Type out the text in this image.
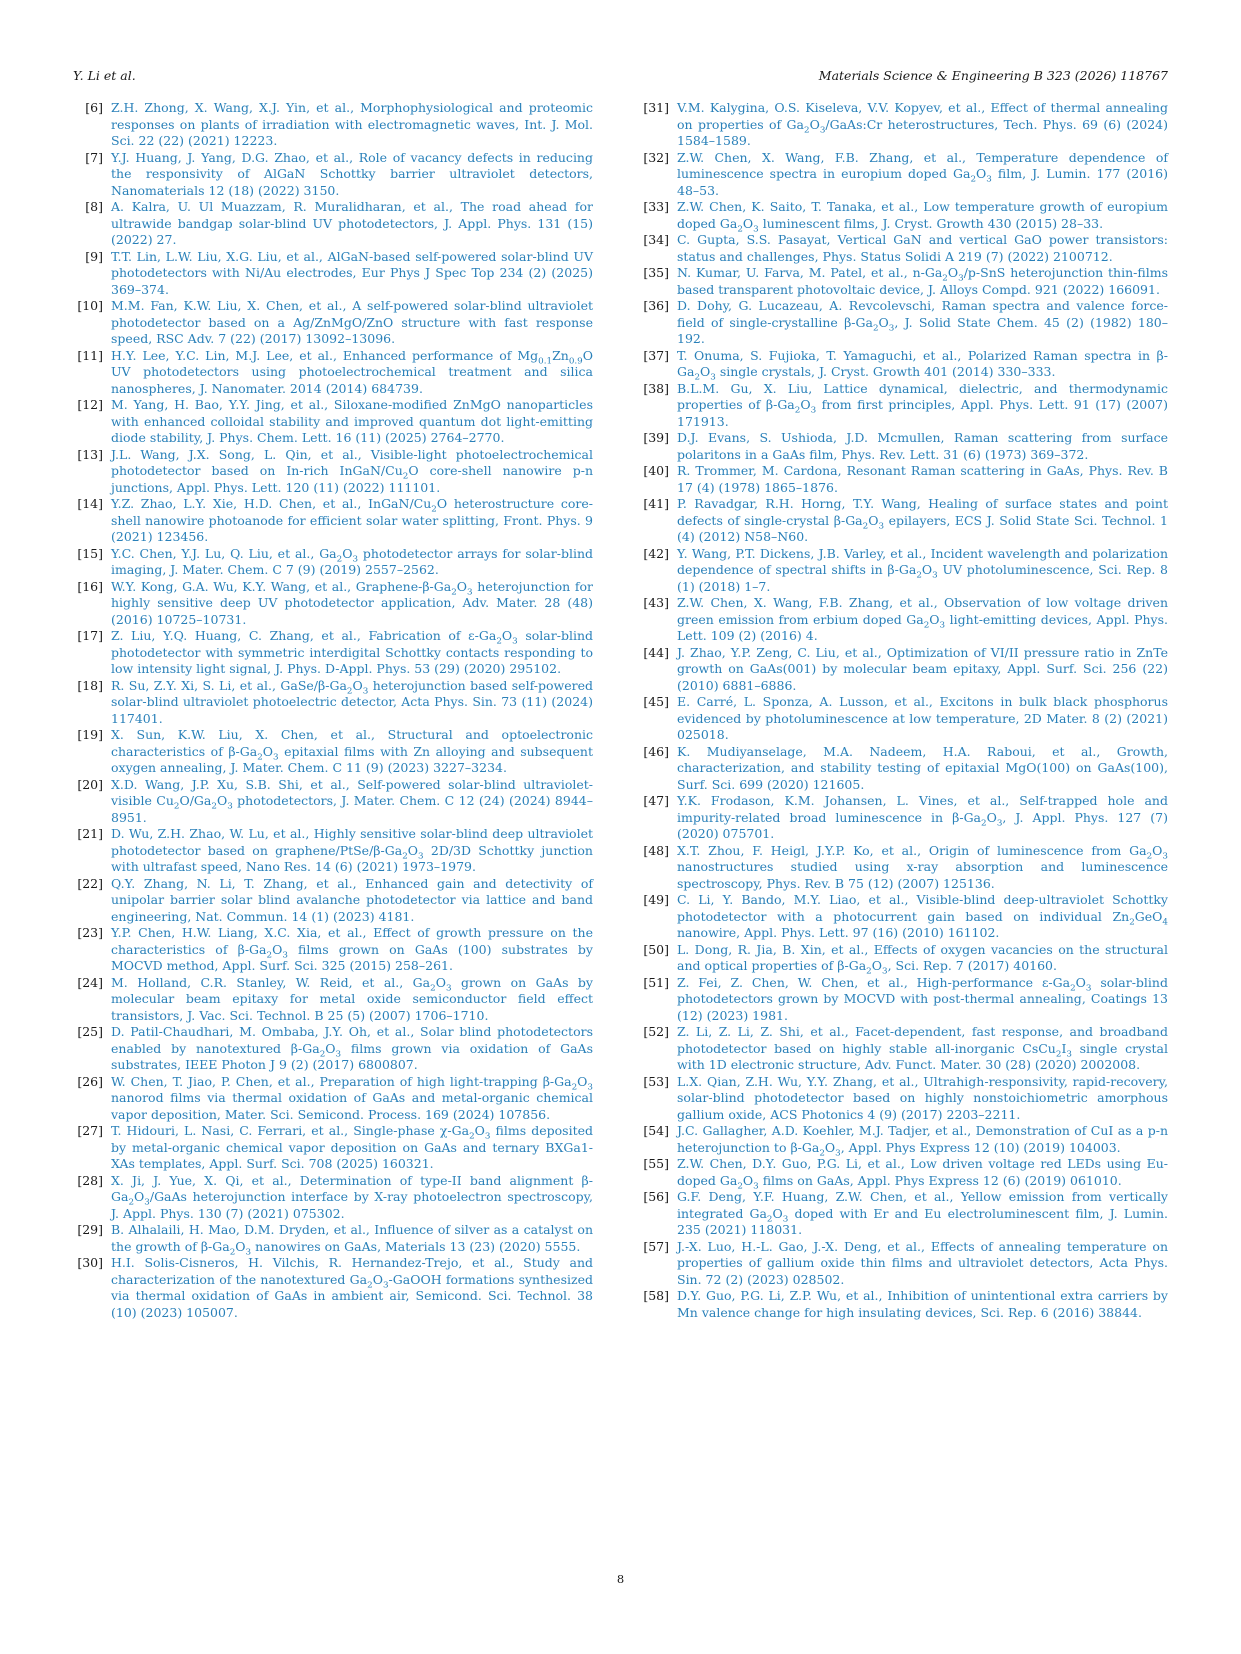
Y. Li et al.	Materials Science & Engineering B 323 (2026) 118767
[6] Z.H. Zhong, X. Wang, X.J. Yin, et al., Morphophysiological and proteomic responses on plants of irradiation with electromagnetic waves, Int. J. Mol. Sci. 22 (22) (2021) 12223.
[7] Y.J. Huang, J. Yang, D.G. Zhao, et al., Role of vacancy defects in reducing the responsivity of AlGaN Schottky barrier ultraviolet detectors, Nanomaterials 12 (18) (2022) 3150.
[8] A. Kalra, U. Ul Muazzam, R. Muralidharan, et al., The road ahead for ultrawide bandgap solar-blind UV photodetectors, J. Appl. Phys. 131 (15) (2022) 27.
[9] T.T. Lin, L.W. Liu, X.G. Liu, et al., AlGaN-based self-powered solar-blind UV photodetectors with Ni/Au electrodes, Eur Phys J Spec Top 234 (2) (2025) 369–374.
[10] M.M. Fan, K.W. Liu, X. Chen, et al., A self-powered solar-blind ultraviolet photodetector based on a Ag/ZnMgO/ZnO structure with fast response speed, RSC Adv. 7 (22) (2017) 13092–13096.
[11] H.Y. Lee, Y.C. Lin, M.J. Lee, et al., Enhanced performance of $Mg_{0.1}Zn_{0.9}O$ UV photodetectors using photoelectrochemical treatment and silica nanospheres, J. Nanomater. 2014 (2014) 684739.
[12] M. Yang, H. Bao, Y.Y. Jing, et al., Siloxane-modified ZnMgO nanoparticles with enhanced colloidal stability and improved quantum dot light-emitting diode stability, J. Phys. Chem. Lett. 16 (11) (2025) 2764–2770.
[13] J.L. Wang, J.X. Song, L. Qin, et al., Visible-light photoelectrochemical photodetector based on In-rich InGaN/$Cu_2O$ core-shell nanowire p-n junctions, Appl. Phys. Lett. 120 (11) (2022) 111101.
[14] Y.Z. Zhao, L.Y. Xie, H.D. Chen, et al., InGaN/$Cu_2O$ heterostructure core-shell nanowire photoanode for efficient solar water splitting, Front. Phys. 9 (2021) 123456.
[15] Y.C. Chen, Y.J. Lu, Q. Liu, et al., $Ga_2O_3$ photodetector arrays for solar-blind imaging, J. Mater. Chem. C 7 (9) (2019) 2557–2562.
[16] W.Y. Kong, G.A. Wu, K.Y. Wang, et al., Graphene-$\beta-Ga_2O_3$ heterojunction for highly sensitive deep UV photodetector application, Adv. Mater. 28 (48) (2016) 10725–10731.
[17] Z. Liu, Y.Q. Huang, C. Zhang, et al., Fabrication of $\varepsilon-Ga_2O_3$ solar-blind photodetector with symmetric interdigital Schottky contacts responding to low intensity light signal, J. Phys. D-Appl. Phys. 53 (29) (2020) 295102.
[18] R. Su, Z.Y. Xi, S. Li, et al., GaSe/$\beta-Ga_2O_3$ heterojunction based self-powered solar-blind ultraviolet photoelectric detector, Acta Phys. Sin. 73 (11) (2024) 117401.
[19] X. Sun, K.W. Liu, X. Chen, et al., Structural and optoelectronic characteristics of $\beta-Ga_2O_3$ epitaxial films with Zn alloying and subsequent oxygen annealing, J. Mater. Chem. C 11 (9) (2023) 3227–3234.
[20] X.D. Wang, J.P. Xu, S.B. Shi, et al., Self-powered solar-blind ultraviolet-visible $Cu_2O/Ga_2O_3$ photodetectors, J. Mater. Chem. C 12 (24) (2024) 8944–8951.
[21] D. Wu, Z.H. Zhao, W. Lu, et al., Highly sensitive solar-blind deep ultraviolet photodetector based on graphene/$PtSe/\beta-Ga_2O_3$ 2D/3D Schottky junction with ultrafast speed, Nano Res. 14 (6) (2021) 1973–1979.
[22] Q.Y. Zhang, N. Li, T. Zhang, et al., Enhanced gain and detectivity of unipolar barrier solar blind avalanche photodetector via lattice and band engineering, Nat. Commun. 14 (1) (2023) 4181.
[23] Y.P. Chen, H.W. Liang, X.C. Xia, et al., Effect of growth pressure on the characteristics of $\beta-Ga_2O_3$ films grown on GaAs (100) substrates by MOCVD method, Appl. Surf. Sci. 325 (2015) 258–261.
[24] M. Holland, C.R. Stanley, W. Reid, et al., $Ga_2O_3$ grown on GaAs by molecular beam epitaxy for metal oxide semiconductor field effect transistors, J. Vac. Sci. Technol. B 25 (5) (2007) 1706–1710.
[25] D. Patil-Chaudhari, M. Ombaba, J.Y. Oh, et al., Solar blind photodetectors enabled by nanotextured $\beta-Ga_2O_3$ films grown via oxidation of GaAs substrates, IEEE Photon J 9 (2) (2017) 6800807.
[26] W. Chen, T. Jiao, P. Chen, et al., Preparation of high light-trapping $\beta-Ga_2O_3$ nanorod films via thermal oxidation of GaAs and metal-organic chemical vapor deposition, Mater. Sci. Semicond. Process. 169 (2024) 107856.
[27] T. Hidouri, L. Nasi, C. Ferrari, et al., Single-phase $\chi-Ga_2O_3$ films deposited by metal-organic chemical vapor deposition on GaAs and ternary BXGa1-XAs templates, Appl. Surf. Sci. 708 (2025) 160321.
[28] X. Ji, J. Yue, X. Qi, et al., Determination of type-II band alignment $\beta-Ga_2O_3$/GaAs heterojunction interface by X-ray photoelectron spectroscopy, J. Appl. Phys. 130 (7) (2021) 075302.
[29] B. Alhalaili, H. Mao, D.M. Dryden, et al., Influence of silver as a catalyst on the growth of $\beta-Ga_2O_3$ nanowires on GaAs, Materials 13 (23) (2020) 5555.
[30] H.I. Solis-Cisneros, H. Vilchis, R. Hernandez-Trejo, et al., Study and characterization of the nanotextured $Ga_2O_3$-GaOOH formations synthesized via thermal oxidation of GaAs in ambient air, Semicond. Sci. Technol. 38 (10) (2023) 105007.
[31] V.M. Kalygina, O.S. Kiseleva, V.V. Kopyev, et al., Effect of thermal annealing on properties of $Ga_2O_3/GaAs:Cr$ heterostructures, Tech. Phys. 69 (6) (2024) 1584–1589.
[32] Z.W. Chen, X. Wang, F.B. Zhang, et al., Temperature dependence of luminescence spectra in europium doped $Ga_2O_3$ film, J. Lumin. 177 (2016) 48–53.
[33] Z.W. Chen, K. Saito, T. Tanaka, et al., Low temperature growth of europium doped $Ga_2O_3$ luminescent films, J. Cryst. Growth 430 (2015) 28–33.
[34] C. Gupta, S.S. Pasayat, Vertical GaN and vertical GaO power transistors: status and challenges, Phys. Status Solidi A 219 (7) (2022) 2100712.
[35] N. Kumar, U. Farva, M. Patel, et al., $n-Ga_2O_3/p$-SnS heterojunction thin-films based transparent photovoltaic device, J. Alloys Compd. 921 (2022) 166091.
[36] D. Dohy, G. Lucazeau, A. Revcolevschi, Raman spectra and valence force-field of single-crystalline $\beta-Ga_2O_3$, J. Solid State Chem. 45 (2) (1982) 180–192.
[37] T. Onuma, S. Fujioka, T. Yamaguchi, et al., Polarized Raman spectra in $\beta-Ga_2O_3$ single crystals, J. Cryst. Growth 401 (2014) 330–333.
[38] B.L.M. Gu, X. Liu, Lattice dynamical, dielectric, and thermodynamic properties of $\beta-Ga_2O_3$ from first principles, Appl. Phys. Lett. 91 (17) (2007) 171913.
[39] D.J. Evans, S. Ushioda, J.D. Mcmullen, Raman scattering from surface polaritons in a GaAs film, Phys. Rev. Lett. 31 (6) (1973) 369–372.
[40] R. Trommer, M. Cardona, Resonant Raman scattering in GaAs, Phys. Rev. B 17 (4) (1978) 1865–1876.
[41] P. Ravadgar, R.H. Horng, T.Y. Wang, Healing of surface states and point defects of single-crystal $\beta-Ga_2O_3$ epilayers, ECS J. Solid State Sci. Technol. 1 (4) (2012) N58–N60.
[42] Y. Wang, P.T. Dickens, J.B. Varley, et al., Incident wavelength and polarization dependence of spectral shifts in $\beta-Ga_2O_3$ UV photoluminescence, Sci. Rep. 8 (1) (2018) 1–7.
[43] Z.W. Chen, X. Wang, F.B. Zhang, et al., Observation of low voltage driven green emission from erbium doped $Ga_2O_3$ light-emitting devices, Appl. Phys. Lett. 109 (2) (2016) 4.
[44] J. Zhao, Y.P. Zeng, C. Liu, et al., Optimization of VI/II pressure ratio in ZnTe growth on GaAs(001) by molecular beam epitaxy, Appl. Surf. Sci. 256 (22) (2010) 6881–6886.
[45] E. Carré, L. Sponza, A. Lusson, et al., Excitons in bulk black phosphorus evidenced by photoluminescence at low temperature, 2D Mater. 8 (2) (2021) 025018.
[46] K. Mudiyanselage, M.A. Nadeem, H.A. Raboui, et al., Growth, characterization, and stability testing of epitaxial MgO(100) on GaAs(100), Surf. Sci. 699 (2020) 121605.
[47] Y.K. Frodason, K.M. Johansen, L. Vines, et al., Self-trapped hole and impurity-related broad luminescence in $\beta-Ga_2O_3$, J. Appl. Phys. 127 (7) (2020) 075701.
[48] X.T. Zhou, F. Heigl, J.Y.P. Ko, et al., Origin of luminescence from $Ga_2O_3$ nanostructures studied using x-ray absorption and luminescence spectroscopy, Phys. Rev. B 75 (12) (2007) 125136.
[49] C. Li, Y. Bando, M.Y. Liao, et al., Visible-blind deep-ultraviolet Schottky photodetector with a photocurrent gain based on individual $Zn_2GeO_4$ nanowire, Appl. Phys. Lett. 97 (16) (2010) 161102.
[50] L. Dong, R. Jia, B. Xin, et al., Effects of oxygen vacancies on the structural and optical properties of $\beta-Ga_2O_3$, Sci. Rep. 7 (2017) 40160.
[51] Z. Fei, Z. Chen, W. Chen, et al., High-performance $\varepsilon-Ga_2O_3$ solar-blind photodetectors grown by MOCVD with post-thermal annealing, Coatings 13 (12) (2023) 1981.
[52] Z. Li, Z. Li, Z. Shi, et al., Facet-dependent, fast response, and broadband photodetector based on highly stable all-inorganic $CsCu_2I_3$ single crystal with 1D electronic structure, Adv. Funct. Mater. 30 (28) (2020) 2002008.
[53] L.X. Qian, Z.H. Wu, Y.Y. Zhang, et al., Ultrahigh-responsivity, rapid-recovery, solar-blind photodetector based on highly nonstoichiometric amorphous gallium oxide, ACS Photonics 4 (9) (2017) 2203–2211.
[54] J.C. Gallagher, A.D. Koehler, M.J. Tadjer, et al., Demonstration of CuI as a p-n heterojunction to $\beta-Ga_2O_3$, Appl. Phys Express 12 (10) (2019) 104003.
[55] Z.W. Chen, D.Y. Guo, P.G. Li, et al., Low driven voltage red LEDs using Eu-doped $Ga_2O_3$ films on GaAs, Appl. Phys Express 12 (6) (2019) 061010.
[56] G.F. Deng, Y.F. Huang, Z.W. Chen, et al., Yellow emission from vertically integrated $Ga_2O_3$ doped with Er and Eu electroluminescent film, J. Lumin. 235 (2021) 118031.
[57] J.-X. Luo, H.-L. Gao, J.-X. Deng, et al., Effects of annealing temperature on properties of gallium oxide thin films and ultraviolet detectors, Acta Phys. Sin. 72 (2) (2023) 028502.
[58] D.Y. Guo, P.G. Li, Z.P. Wu, et al., Inhibition of unintentional extra carriers by Mn valence change for high insulating devices, Sci. Rep. 6 (2016) 38844.
8
